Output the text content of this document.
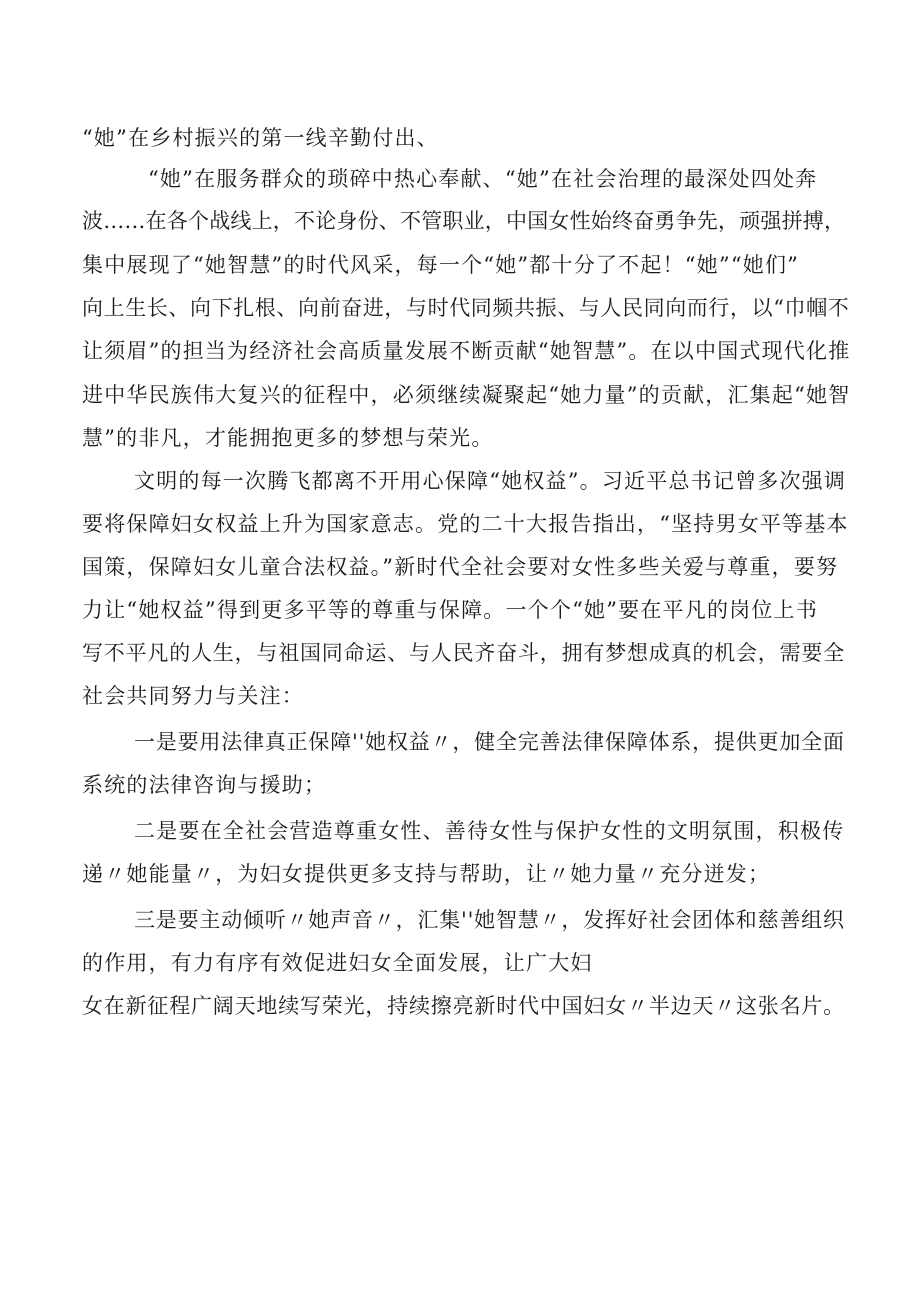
“她”在乡村振兴的第一线辛勤付出、
“她”在服务群众的琐碎中热心奉献、“她”在社会治理的最深处四处奔
波……在各个战线上，不论身份、不管职业，中国女性始终奋勇争先，顽强拼搏，
集中展现了“她智慧”的时代风采，每一个“她”都十分了不起！“她”“她们”
向上生长、向下扎根、向前奋进，与时代同频共振、与人民同向而行，以“巾帼不
让须眉”的担当为经济社会高质量发展不断贡献“她智慧”。在以中国式现代化推
进中华民族伟大复兴的征程中，必须继续凝聚起“她力量”的贡献，汇集起“她智
慧”的非凡，才能拥抱更多的梦想与荣光。
文明的每一次腾飞都离不开用心保障“她权益”。习近平总书记曾多次强调
要将保障妇女权益上升为国家意志。党的二十大报告指出，“坚持男女平等基本
国策，保障妇女儿童合法权益。”新时代全社会要对女性多些关爱与尊重，要努
力让“她权益”得到更多平等的尊重与保障。一个个“她”要在平凡的岗位上书
写不平凡的人生，与祖国同命运、与人民齐奋斗，拥有梦想成真的机会，需要全
社会共同努力与关注：
一是要用法律真正保障''她权益〃，健全完善法律保障体系，提供更加全面
系统的法律咨询与援助；
二是要在全社会营造尊重女性、善待女性与保护女性的文明氛围，积极传
递〃她能量〃，为妇女提供更多支持与帮助，让〃她力量〃充分迸发；
三是要主动倾听〃她声音〃，汇集''她智慧〃，发挥好社会团体和慈善组织
的作用，有力有序有效促进妇女全面发展，让广大妇
女在新征程广阔天地续写荣光，持续擦亮新时代中国妇女〃半边天〃这张名片。
